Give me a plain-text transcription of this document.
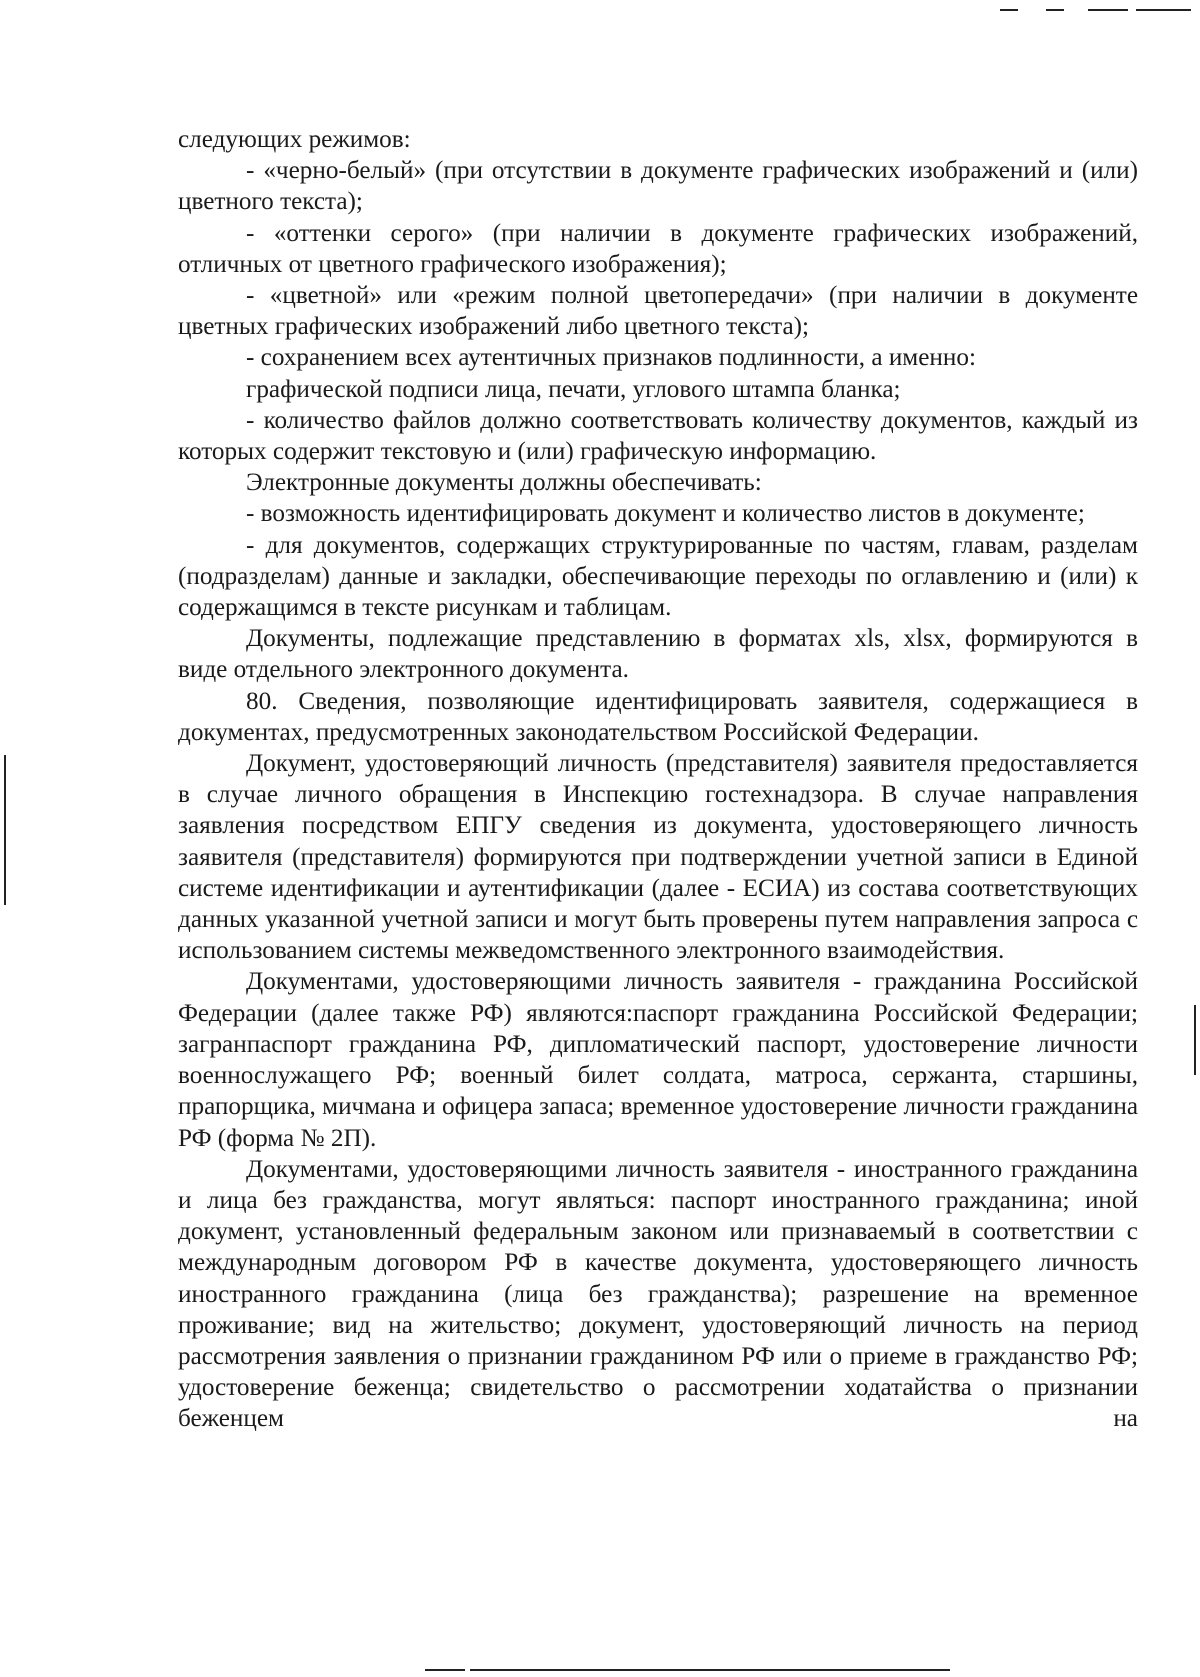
следующих режимов:

- «черно-белый» (при отсутствии в документе графических изображений и (или) цветного текста);

- «оттенки серого» (при наличии в документе графических изображений, отличных от цветного графического изображения);

- «цветной» или «режим полной цветопередачи» (при наличии в документе цветных графических изображений либо цветного текста);

- сохранением всех аутентичных признаков подлинности, а именно:

графической подписи лица, печати, углового штампа бланка;

- количество файлов должно соответствовать количеству документов, каждый из которых содержит текстовую и (или) графическую информацию.

Электронные документы должны обеспечивать:

- возможность идентифицировать документ и количество листов в документе;

- для документов, содержащих структурированные по частям, главам, разделам (подразделам) данные и закладки, обеспечивающие переходы по оглавлению и (или) к содержащимся в тексте рисункам и таблицам.

Документы, подлежащие представлению в форматах xls, xlsx, формируются в виде отдельного электронного документа.

80. Сведения, позволяющие идентифицировать заявителя, содержащиеся в документах, предусмотренных законодательством Российской Федерации.

Документ, удостоверяющий личность (представителя) заявителя предоставляется в случае личного обращения в Инспекцию гостехнадзора. В случае направления заявления посредством ЕПГУ сведения из документа, удостоверяющего личность заявителя (представителя) формируются при подтверждении учетной записи в Единой системе идентификации и аутентификации (далее - ЕСИА) из состава соответствующих данных указанной учетной записи и могут быть проверены путем направления запроса с использованием системы межведомственного электронного взаимодействия.

Документами, удостоверяющими личность заявителя - гражданина Российской Федерации (далее также РФ) являются:паспорт гражданина Российской Федерации; загранпаспорт гражданина РФ, дипломатический паспорт, удостоверение личности военнослужащего РФ; военный билет солдата, матроса, сержанта, старшины, прапорщика, мичмана и офицера запаса; временное удостоверение личности гражданина РФ (форма № 2П).

Документами, удостоверяющими личность заявителя - иностранного гражданина и лица без гражданства, могут являться: паспорт иностранного гражданина; иной документ, установленный федеральным законом или признаваемый в соответствии с международным договором РФ в качестве документа, удостоверяющего личность иностранного гражданина (лица без гражданства); разрешение на временное проживание; вид на жительство; документ, удостоверяющий личность на период рассмотрения заявления о признании гражданином РФ или о приеме в гражданство РФ; удостоверение беженца; свидетельство о рассмотрении ходатайства о признании беженцем на
